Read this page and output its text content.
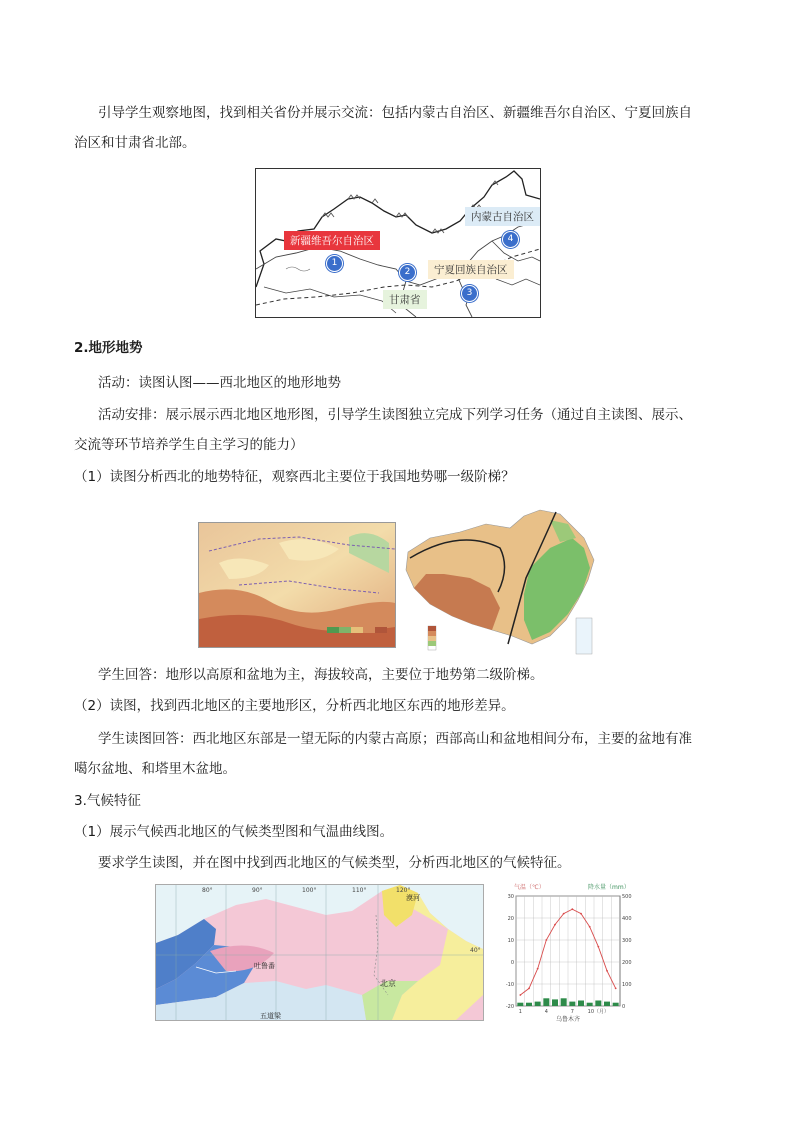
引导学生观察地图，找到相关省份并展示交流：包括内蒙古自治区、新疆维吾尔自治区、宁夏回族自
治区和甘肃省北部。
新疆维吾尔自治区
内蒙古自治区
宁夏回族自治区
甘肃省
1
2
3
4
2.地形地势
活动：读图认图——西北地区的地形地势
活动安排：展示展示西北地区地形图，引导学生读图独立完成下列学习任务（通过自主读图、展示、
交流等环节培养学生自主学习的能力）
（1）读图分析西北的地势特征，观察西北主要位于我国地势哪一级阶梯？
学生回答：地形以高原和盆地为主，海拔较高，主要位于地势第二级阶梯。
（2）读图，找到西北地区的主要地形区，分析西北地区东西的地形差异。
学生读图回答：西北地区东部是一望无际的内蒙古高原；西部高山和盆地相间分布，主要的盆地有准
噶尔盆地、和塔里木盆地。
3.气候特征
（1）展示气候西北地区的气候类型图和气温曲线图。
要求学生读图，并在图中找到西北地区的气候类型，分析西北地区的气候特征。
80°	90°	100°	110°	120°
40°
北京
吐鲁番
五道梁
漠河
气温（℃）	降水量（mm）
30
20
10
0
-10
-20
500
400
300
200
100
0
1	4	7	10（月）
乌鲁木齐
